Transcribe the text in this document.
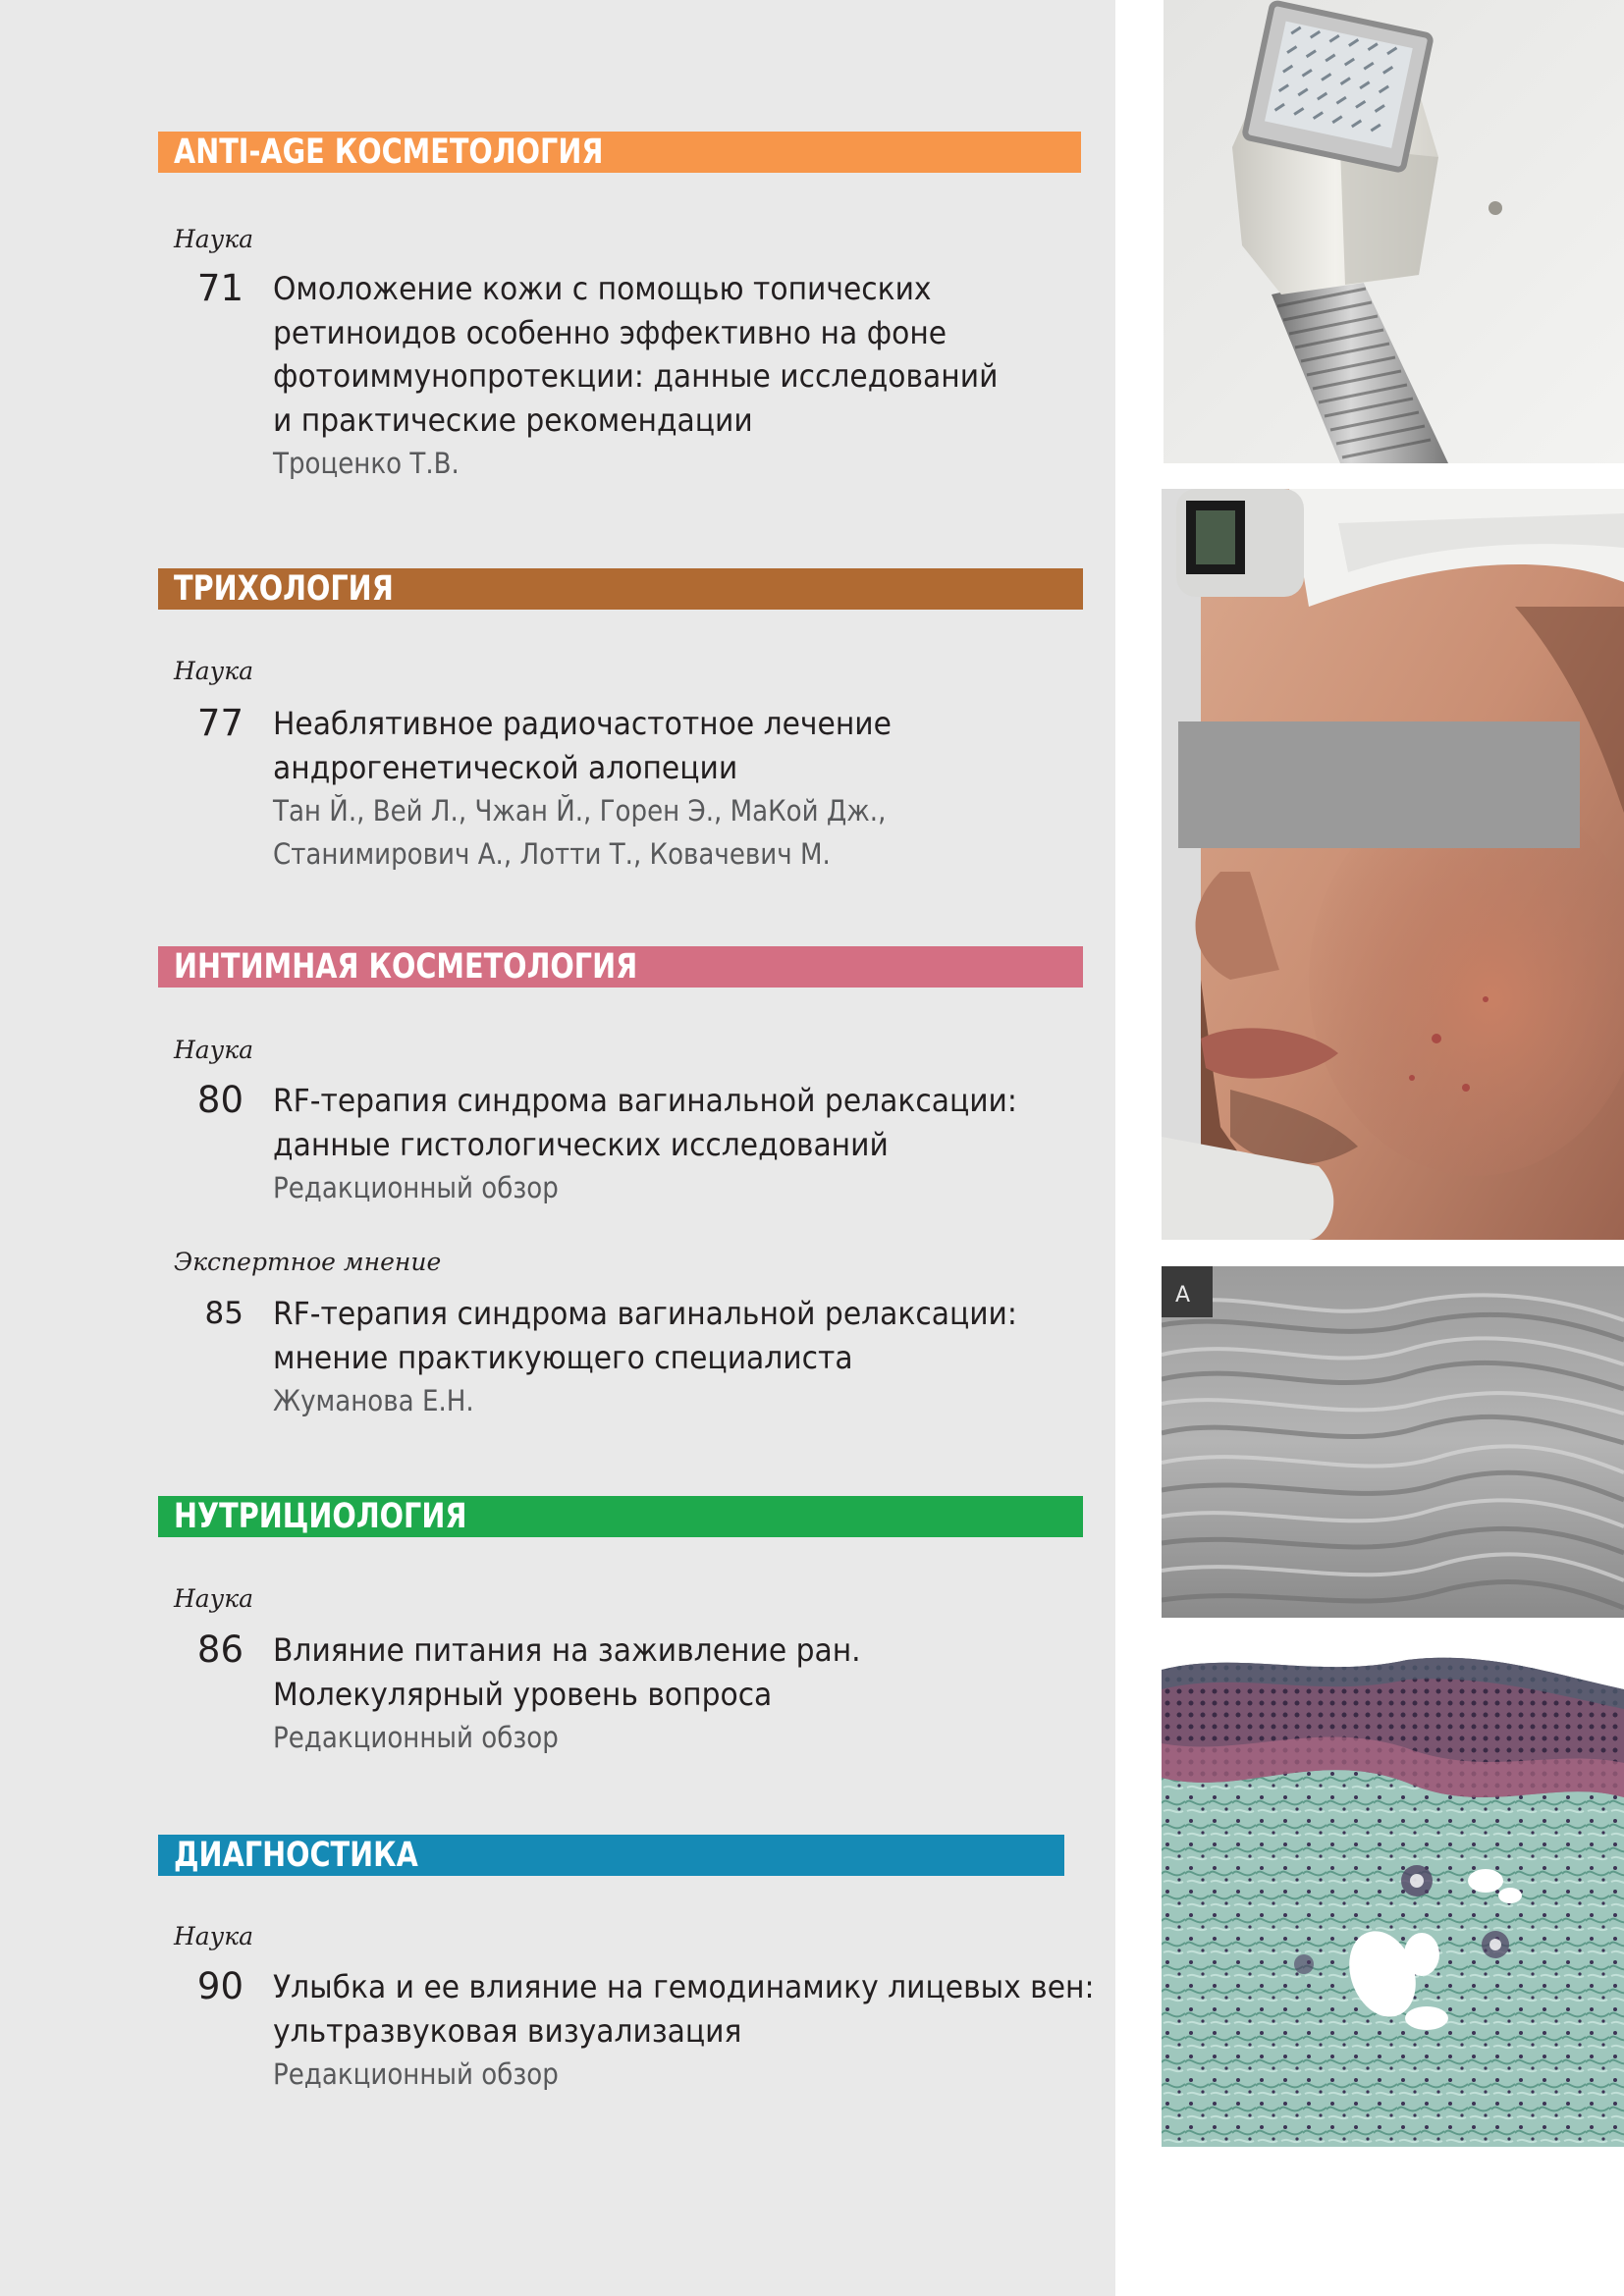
ANTI-AGE КОСМЕТОЛОГИЯ
Наука
71 Омоложение кожи с помощью топических
ретиноидов особенно эффективно на фоне
фотоиммунопротекции: данные исследований
и практические рекомендации
Троценко Т.В.
ТРИХОЛОГИЯ
Наука
77 Неаблятивное радиочастотное лечение
андрогенетической алопеции
Тан Й., Вей Л., Чжан Й., Горен Э., МаКой Дж.,
Станимирович А., Лотти Т., Ковачевич М.
ИНТИМНАЯ КОСМЕТОЛОГИЯ
Наука
80 RF-терапия синдрома вагинальной релаксации:
данные гистологических исследований
Редакционный обзор
Экспертное мнение
85 RF-терапия синдрома вагинальной релаксации:
мнение практикующего специалиста
Жуманова Е.Н.
НУТРИЦИОЛОГИЯ
Наука
86 Влияние питания на заживление ран.
Молекулярный уровень вопроса
Редакционный обзор
ДИАГНОСТИКА
Наука
90 Улыбка и ее влияние на гемодинамику лицевых вен:
ультразвуковая визуализация
Редакционный обзор
A
